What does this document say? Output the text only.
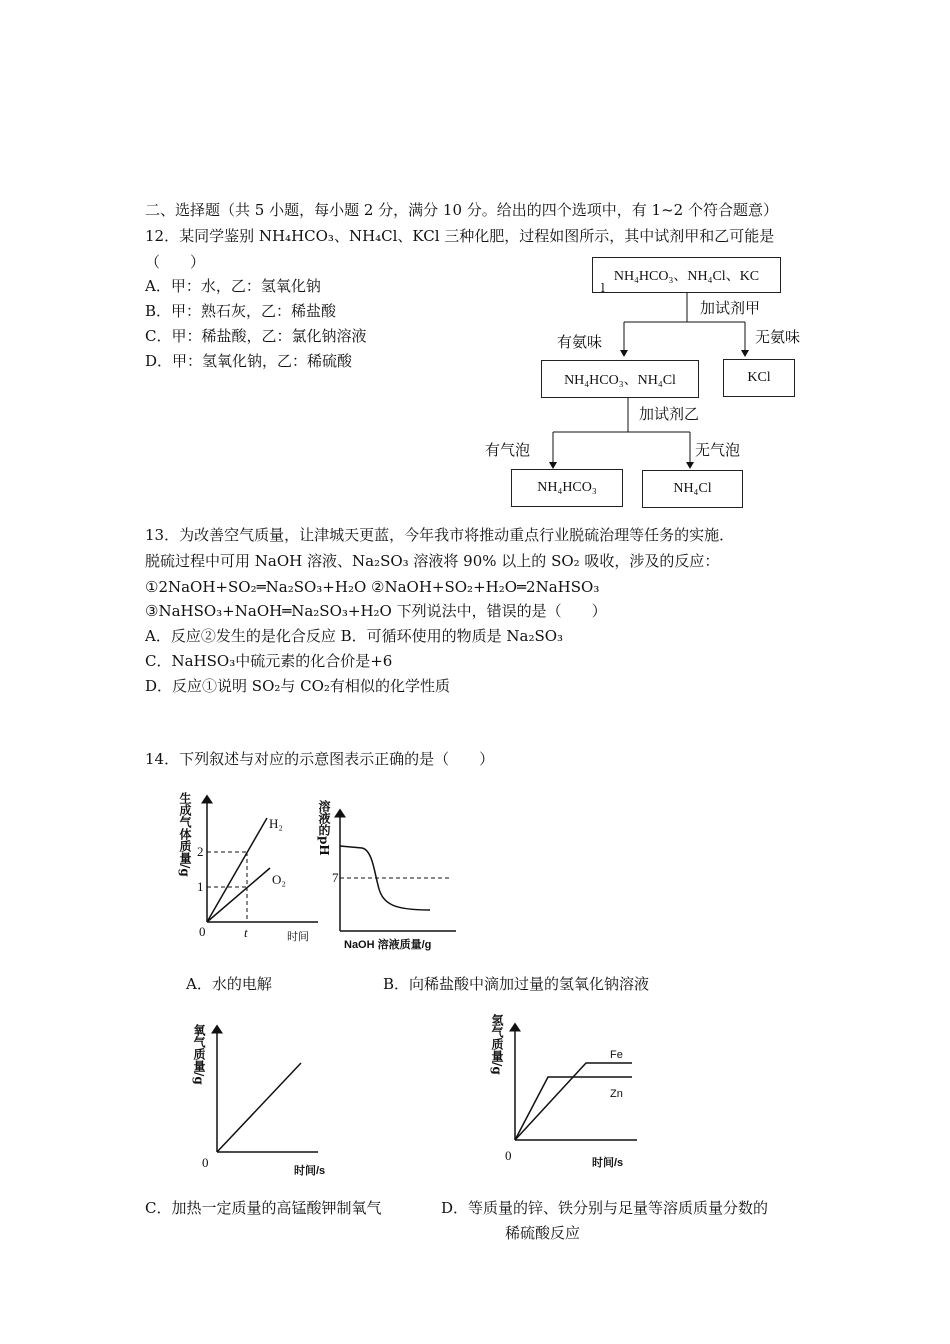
二、选择题（共 5 小题，每小题 2 分，满分 10 分。给出的四个选项中，有 1~2 个符合题意）
12．某同学鉴别 NH₄HCO₃、NH₄Cl、KCl 三种化肥，过程如图所示，其中试剂甲和乙可能是
（　　）
A．甲：水，乙：氢氧化钠
B．甲：熟石灰，乙：稀盐酸
C．甲：稀盐酸，乙：氯化钠溶液
D．甲：氢氧化钠，乙：稀硫酸
NH₄HCO₃、NH₄Cl、KC
l
加试剂甲
有氨味	无氨味
NH₄HCO₃、NH₄Cl	KCl
加试剂乙
有气泡	无气泡
NH₄HCO₃	NH₄Cl
13．为改善空气质量，让津城天更蓝，今年我市将推动重点行业脱硫治理等任务的实施．
脱硫过程中可用 NaOH 溶液、Na₂SO₃ 溶液将 90% 以上的 SO₂ 吸收，涉及的反应：
①2NaOH+SO₂═Na₂SO₃+H₂O ②NaOH+SO₂+H₂O═2NaHSO₃
③NaHSO₃+NaOH═Na₂SO₃+H₂O 下列说法中，错误的是（　　）
A．反应②发生的是化合反应 B．可循环使用的物质是 Na₂SO₃
C．NaHSO₃中硫元素的化合价是+6
D．反应①说明 SO₂与 CO₂有相似的化学性质
14．下列叙述与对应的示意图表示正确的是（　　）
0	t
2
1
H₂
O₂
时间
7
NaOH 溶液质量/g
0
时间/s
0
Fe
Zn
时间/s
生成气体质量/g	溶液的pH
氧气质量/g	氢气质量/g
A．水的电解	B．向稀盐酸中滴加过量的氢氧化钠溶液
C．加热一定质量的高锰酸钾制氧气	D．等质量的锌、铁分别与足量等溶质质量分数的
稀硫酸反应
